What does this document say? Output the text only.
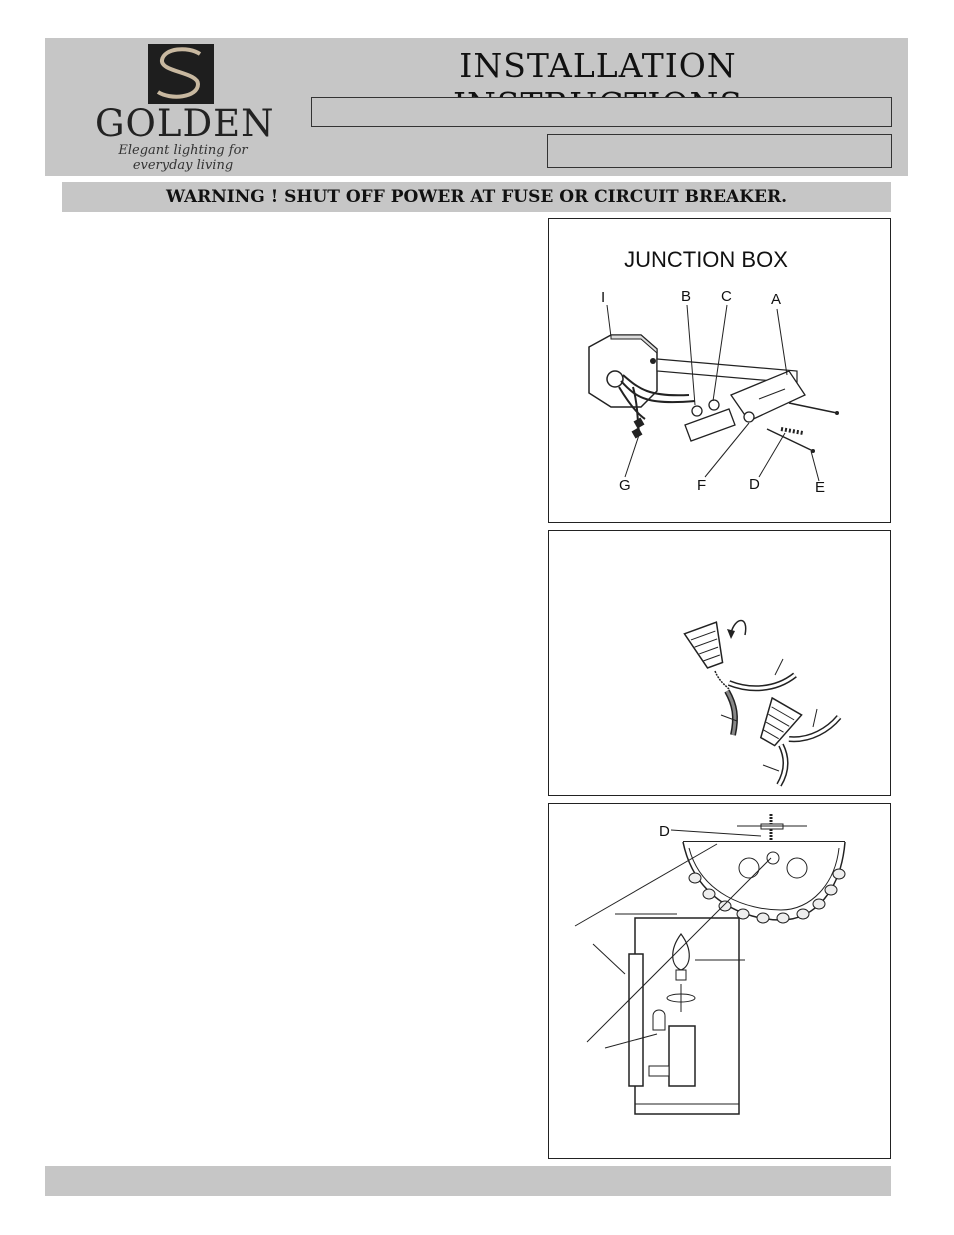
GOLDEN
Elegant lighting for everyday living
INSTALLATION
WARNING ! SHUT OFF POWER AT FUSE OR CIRCUIT BREAKER.
JUNCTION BOX
I	B C	A
G	F	D	E
D
